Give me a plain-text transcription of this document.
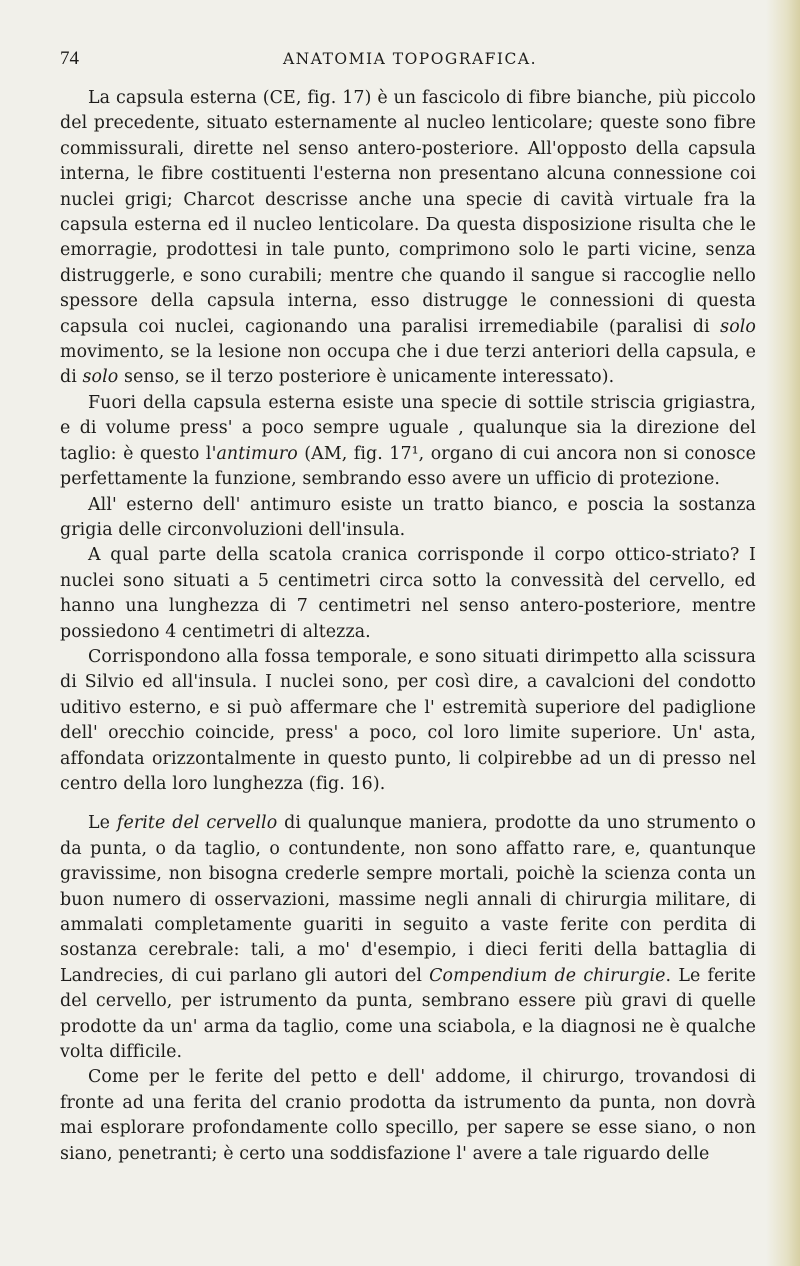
74	ANATOMIA TOPOGRAFICA.

La capsula esterna (CE, fig. 17) è un fascicolo di fibre bianche, più piccolo del precedente, situato esternamente al nucleo lenticolare; queste sono fibre commissurali, dirette nel senso antero-posteriore. All'opposto della capsula interna, le fibre costituenti l'esterna non presentano alcuna connessione coi nuclei grigi; Charcot descrisse anche una specie di cavità virtuale fra la capsula esterna ed il nucleo lenticolare. Da questa disposizione risulta che le emorragie, prodottesi in tale punto, comprimono solo le parti vicine, senza distruggerle, e sono curabili; mentre che quando il sangue si raccoglie nello spessore della capsula interna, esso distrugge le connessioni di questa capsula coi nuclei, cagionando una paralisi irremediabile (paralisi di solo movimento, se la lesione non occupa che i due terzi anteriori della capsula, e di solo senso, se il terzo posteriore è unicamente interessato).

Fuori della capsula esterna esiste una specie di sottile striscia grigiastra, e di volume press' a poco sempre uguale , qualunque sia la direzione del taglio: è questo l'antimuro (AM, fig. 17¹, organo di cui ancora non si conosce perfettamente la funzione, sembrando esso avere un ufficio di protezione.

All' esterno dell' antimuro esiste un tratto bianco, e poscia la sostanza grigia delle circonvoluzioni dell'insula.

A qual parte della scatola cranica corrisponde il corpo ottico-striato? I nuclei sono situati a 5 centimetri circa sotto la convessità del cervello, ed hanno una lunghezza di 7 centimetri nel senso antero-posteriore, mentre possiedono 4 centimetri di altezza.

Corrispondono alla fossa temporale, e sono situati dirimpetto alla scissura di Silvio ed all'insula. I nuclei sono, per così dire, a cavalcioni del condotto uditivo esterno, e si può affermare che l' estremità superiore del padiglione dell' orecchio coincide, press' a poco, col loro limite superiore. Un' asta, affondata orizzontalmente in questo punto, li colpirebbe ad un di presso nel centro della loro lunghezza (fig. 16).

Le ferite del cervello di qualunque maniera, prodotte da uno strumento o da punta, o da taglio, o contundente, non sono affatto rare, e, quantunque gravissime, non bisogna crederle sempre mortali, poichè la scienza conta un buon numero di osservazioni, massime negli annali di chirurgia militare, di ammalati completamente guariti in seguito a vaste ferite con perdita di sostanza cerebrale: tali, a mo' d'esempio, i dieci feriti della battaglia di Landrecies, di cui parlano gli autori del Compendium de chirurgie. Le ferite del cervello, per istrumento da punta, sembrano essere più gravi di quelle prodotte da un' arma da taglio, come una sciabola, e la diagnosi ne è qualche volta difficile.

Come per le ferite del petto e dell' addome, il chirurgo, trovandosi di fronte ad una ferita del cranio prodotta da istrumento da punta, non dovrà mai esplorare profondamente collo specillo, per sapere se esse siano, o non siano, penetranti; è certo una soddisfazione l' avere a tale riguardo delle
